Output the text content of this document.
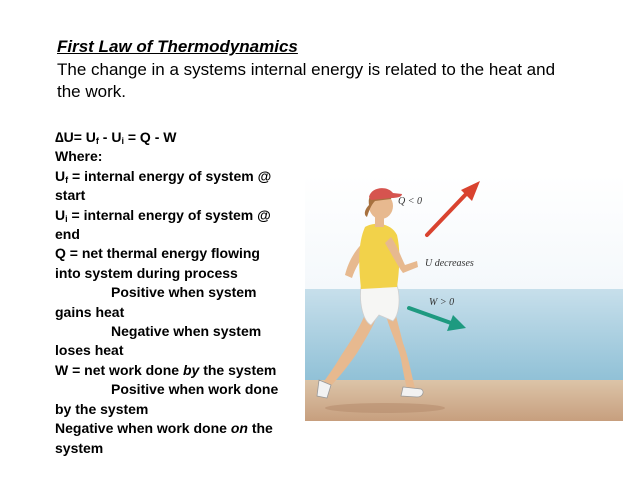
First Law of Thermodynamics
The change in a systems internal energy is related to the heat and the work.
$\Delta U= U_f - U_i = Q - W$
Where:
$U_f$ = internal energy of system @
start
$U_i$ = internal energy of system @
end
Q = net thermal energy flowing
into system during process
Positive when system
gains heat
Negative when system
loses heat
W = net work done by the system
Positive when work done
by the system
Negative when work done on the
system
Q < 0
U decreases
W > 0
